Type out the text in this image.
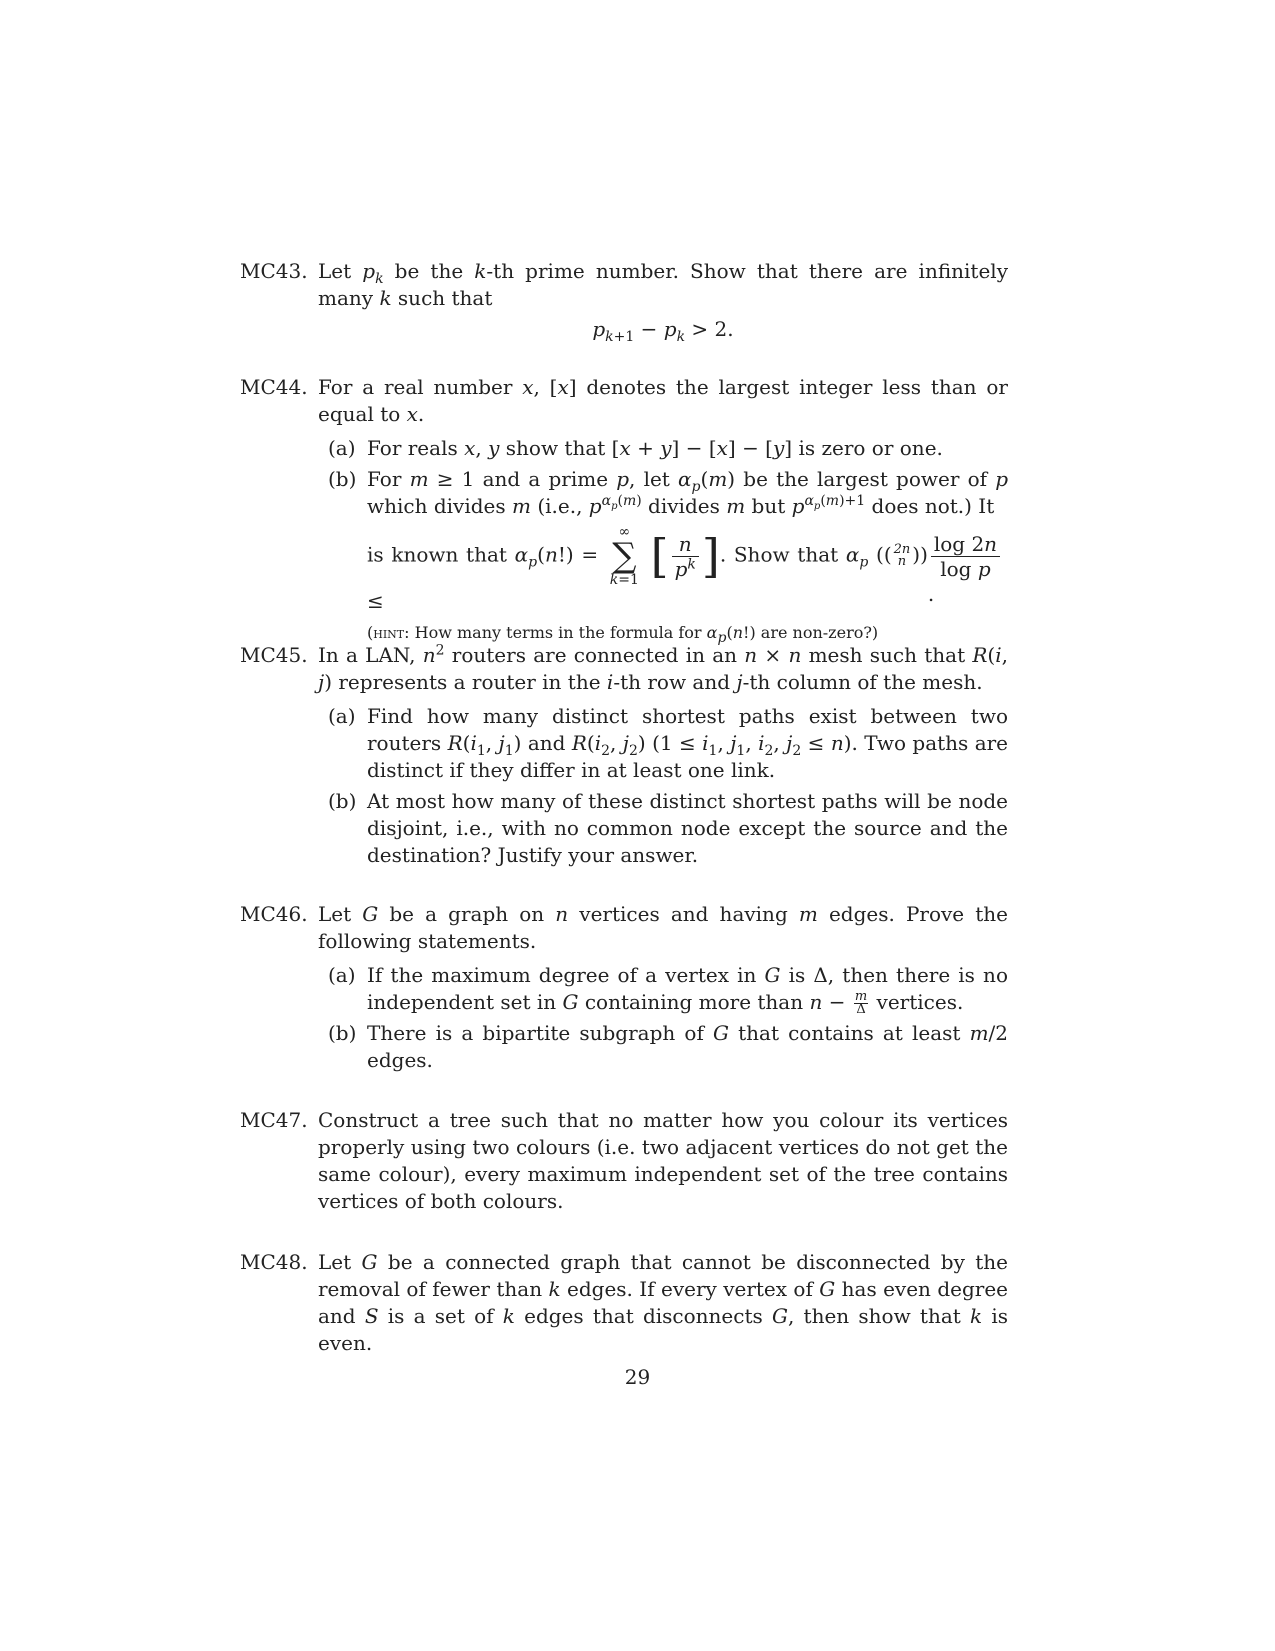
MC43. Let $p_k$ be the k-th prime number. Show that there are infinitely many k such that

$p_{k+1} - p_k > 2$.
MC44. For a real number x, [x] denotes the largest integer less than or equal to x.

(a) For reals x, y show that [x + y] − [x] − [y] is zero or one.
(b) For m ≥ 1 and a prime p, let $\alpha_p(m)$ be the largest power of p which divides m (i.e., $p^{\alpha_p(m)}$ divides m but $p^{\alpha_p(m)+1}$ does not.) It
is known that $\alpha_p(n!)$ =
∞
∑
k=1 [ $\frac{n}{p^k}$ ]. Show that $\alpha_p$ (( 2n
n )) ≤
$\frac{\log 2n}{\text{log p}}$
.
(hint: How many terms in the formula for $\alpha_p(n!)$ are non-zero?)
MC45. In a LAN, $n^2$ routers are connected in an n × n mesh such that R(i, j) represents a router in the i-th row and j-th column of the mesh.

(a) Find how many distinct shortest paths exist between two routers $R(i_1$, $j_1$) and $R(i_2$, $j_2$) ($1 \le i_1$, $j_1$, $i_2$, $j_2 \le n$). Two paths are distinct if they differ in at least one link.
(b) At most how many of these distinct shortest paths will be node disjoint, i.e., with no common node except the source and the destination? Justify your answer.
MC46. Let G be a graph on n vertices and having m edges. Prove the following statements.

(a) If the maximum degree of a vertex in G is Δ, then there is no independent set in G containing more than $n - \frac{m}{\Delta}$ vertices.
(b) There is a bipartite subgraph of G that contains at least m/2 edges.
MC47. Construct a tree such that no matter how you colour its vertices properly using two colours (i.e. two adjacent vertices do not get the same colour), every maximum independent set of the tree contains vertices of both colours.

MC48. Let G be a connected graph that cannot be disconnected by the removal of fewer than k edges. If every vertex of G has even degree and S is a set of k edges that disconnects G, then show that k is even.

29
